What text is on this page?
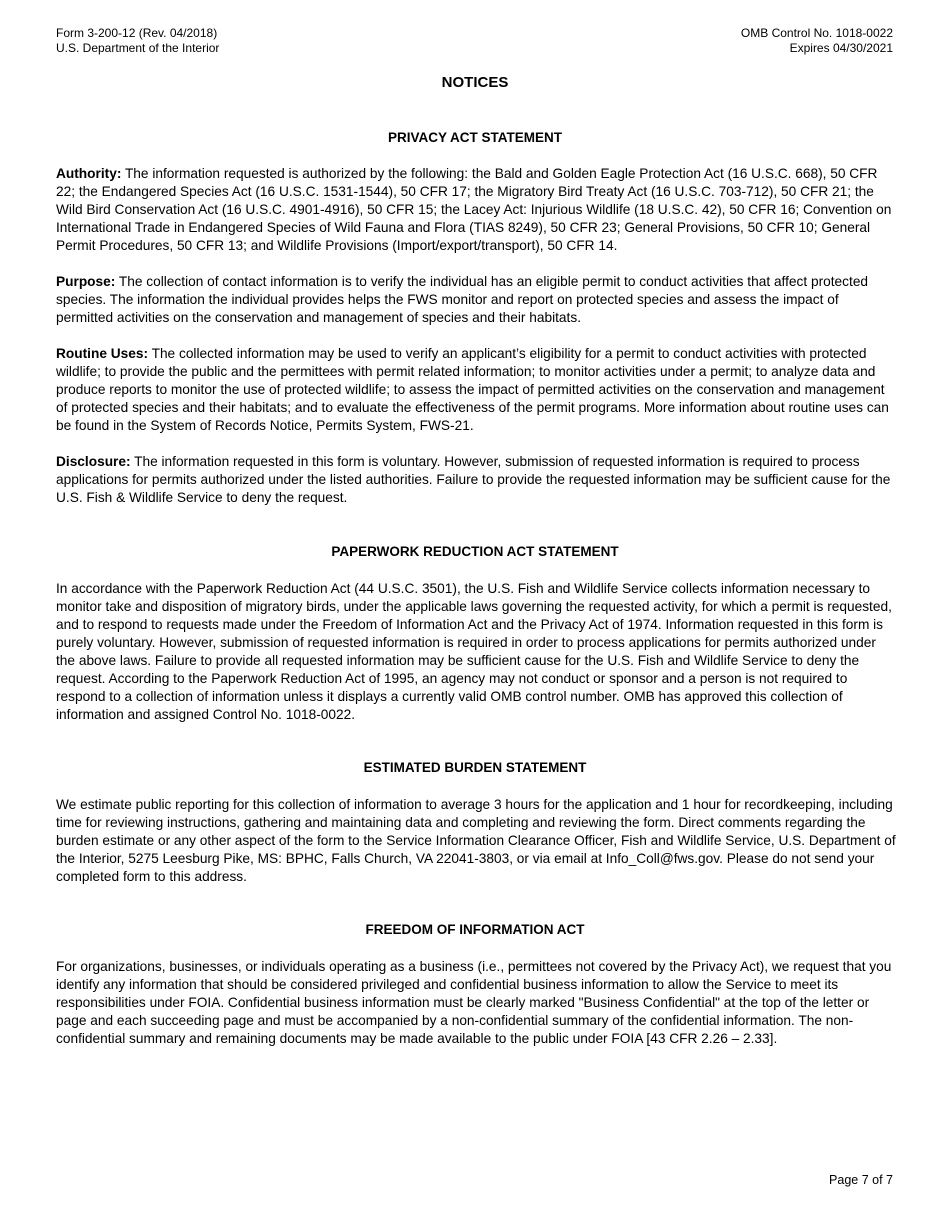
Form 3-200-12 (Rev. 04/2018)
U.S. Department of the Interior
OMB Control No. 1018-0022
Expires 04/30/2021
NOTICES
PRIVACY ACT STATEMENT

Authority: The information requested is authorized by the following: the Bald and Golden Eagle Protection Act (16 U.S.C. 668), 50 CFR 22; the Endangered Species Act (16 U.S.C. 1531-1544), 50 CFR 17; the Migratory Bird Treaty Act (16 U.S.C. 703-712), 50 CFR 21; the Wild Bird Conservation Act (16 U.S.C. 4901-4916), 50 CFR 15; the Lacey Act: Injurious Wildlife (18 U.S.C. 42), 50 CFR 16; Convention on International Trade in Endangered Species of Wild Fauna and Flora (TIAS 8249), 50 CFR 23; General Provisions, 50 CFR 10; General Permit Procedures, 50 CFR 13; and Wildlife Provisions (Import/export/transport), 50 CFR 14.

Purpose: The collection of contact information is to verify the individual has an eligible permit to conduct activities that affect protected species. The information the individual provides helps the FWS monitor and report on protected species and assess the impact of permitted activities on the conservation and management of species and their habitats.

Routine Uses: The collected information may be used to verify an applicant’s eligibility for a permit to conduct activities with protected wildlife; to provide the public and the permittees with permit related information; to monitor activities under a permit; to analyze data and produce reports to monitor the use of protected wildlife; to assess the impact of permitted activities on the conservation and management of protected species and their habitats; and to evaluate the effectiveness of the permit programs. More information about routine uses can be found in the System of Records Notice, Permits System, FWS-21.

Disclosure: The information requested in this form is voluntary. However, submission of requested information is required to process applications for permits authorized under the listed authorities. Failure to provide the requested information may be sufficient cause for the U.S. Fish & Wildlife Service to deny the request.

PAPERWORK REDUCTION ACT STATEMENT

In accordance with the Paperwork Reduction Act (44 U.S.C. 3501), the U.S. Fish and Wildlife Service collects information necessary to monitor take and disposition of migratory birds, under the applicable laws governing the requested activity, for which a permit is requested, and to respond to requests made under the Freedom of Information Act and the Privacy Act of 1974. Information requested in this form is purely voluntary. However, submission of requested information is required in order to process applications for permits authorized under the above laws. Failure to provide all requested information may be sufficient cause for the U.S. Fish and Wildlife Service to deny the request. According to the Paperwork Reduction Act of 1995, an agency may not conduct or sponsor and a person is not required to respond to a collection of information unless it displays a currently valid OMB control number. OMB has approved this collection of information and assigned Control No. 1018-0022.

ESTIMATED BURDEN STATEMENT

We estimate public reporting for this collection of information to average 3 hours for the application and 1 hour for recordkeeping, including time for reviewing instructions, gathering and maintaining data and completing and reviewing the form. Direct comments regarding the burden estimate or any other aspect of the form to the Service Information Clearance Officer, Fish and Wildlife Service, U.S. Department of the Interior, 5275 Leesburg Pike, MS: BPHC, Falls Church, VA 22041-3803, or via email at Info_Coll@fws.gov. Please do not send your completed form to this address.

FREEDOM OF INFORMATION ACT

For organizations, businesses, or individuals operating as a business (i.e., permittees not covered by the Privacy Act), we request that you identify any information that should be considered privileged and confidential business information to allow the Service to meet its responsibilities under FOIA. Confidential business information must be clearly marked "Business Confidential" at the top of the letter or page and each succeeding page and must be accompanied by a non-confidential summary of the confidential information. The non-confidential summary and remaining documents may be made available to the public under FOIA [43 CFR 2.26 – 2.33].

Page 7 of 7
